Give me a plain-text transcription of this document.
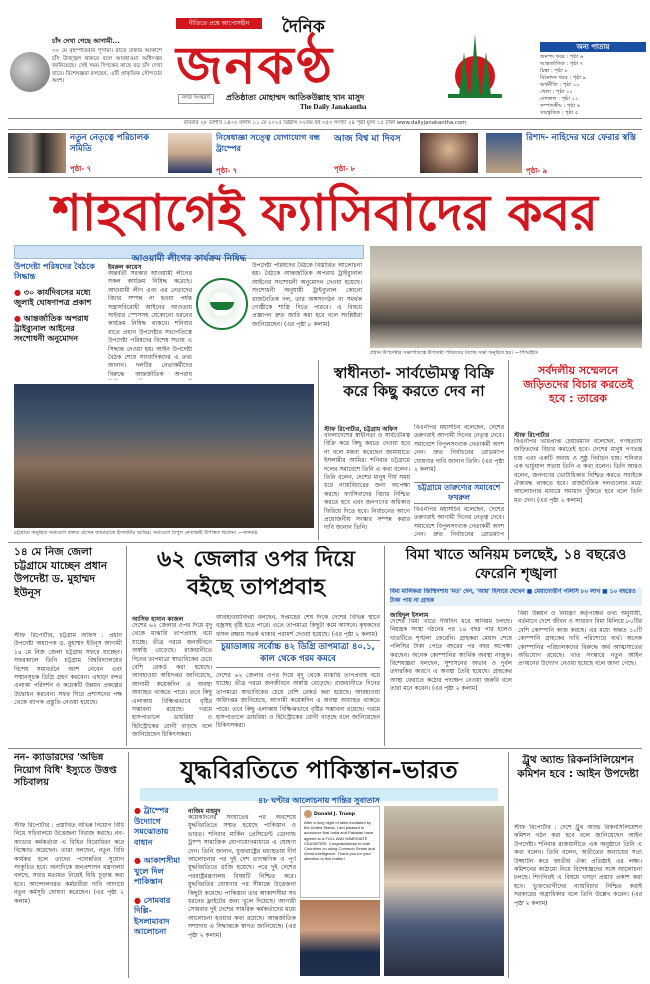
চাঁদ দেখা গেছে আগামী...
৩০ মে বৃহস্পতিবার পূর্ণিমা। রাতে ঢাকার আকাশে চাঁদ উজ্জ্বল থাকবে বলে আবহাওয়া অধিদপ্তর জানিয়েছে। সেই সময় দিগন্তের কাছে বড় চাঁদ দেখা যাবে। বিশেষজ্ঞরা বলছেন, এটি প্রাকৃতিক সৌন্দর্যের অংশ।
নীতিতে প্রশ্নে আপোসহীন	দৈনিক
জনকণ্ঠ
নগর সংস্করণ	প্রতিষ্ঠাতা মোহাম্মদ আতিকউল্লাহ খান মাসুদ
The Daily Janakantha
অন্য পাতায়
জনপদ খবর : পৃষ্ঠা ৬
আন্তর্জাতিক : পৃষ্ঠা ৭
চিন্তা : পৃষ্ঠা ৮
বিনোদন খবর : পৃষ্ঠা ৯
অর্থনীতি : পৃষ্ঠা ১০
খেলা : পৃষ্ঠা ১১
লোকাল : পৃষ্ঠা ১২
সম্পাদকীয় : পৃষ্ঠা ৪
সাংস্কৃতিক : পৃষ্ঠা ৫
রবিবার ২৮ বৈশাখ ১৪৩২ বঙ্গাব্দ ১১ মে ২০২৫ খ্রিষ্টাব্দ ৩২তম বর্ষ ৩৫৩ সংখ্যা ২৪ পৃষ্ঠা মূল্য ১৫ টাকা www.dailyjanakantha.com
নতুন নেতৃত্বে পরিচালক সমিতি
পৃষ্ঠা- ৭
নিষেধাজ্ঞা সত্ত্বে যোগাযোগ বন্ধ ট্রাম্পের
পৃষ্ঠা- ৭
আজ বিশ্ব মা দিবস
পৃষ্ঠা- ৮
রিশাদ- নাহিদের ঘরে ফেরার স্বস্তি
পৃষ্ঠা- ৯
শাহবাগেই ফ্যাসিবাদের কবর
আওয়ামী লীগের কার্যক্রম নিষিদ্ধ
উপদেষ্টা পরিষদের বৈঠকে সিদ্ধান্ত
● ৩০ কার্যদিবসের মধ্যে জুলাই ঘোষণাপত্র প্রকাশ
● আন্তর্জাতিক অপরাধ ট্রাইব্যুনাল আইনের সংশোধনী অনুমোদন
ইমরুল কায়েস
অন্তর্বর্তী সরকার আওয়ামী লীগের সকল কার্যক্রম নিষিদ্ধ করেছে। আওয়ামী লীগ এবং এর নেতাদের বিচার সম্পন্ন না হওয়া পর্যন্ত সন্ত্রাসবিরোধী আইনের আওতায় সাইবার স্পেসসহ যেকোনো ধরনের কার্যক্রম নিষিদ্ধ থাকবে। শনিবার রাতে প্রধান উপদেষ্টার সভাপতিত্বে উপদেষ্টা পরিষদের বিশেষ সভায় এ সিদ্ধান্ত নেওয়া হয়। আইন উপদেষ্টা বৈঠক শেষে সাংবাদিকদের এ তথ্য জানান। দলটির নেতাকর্মীদের বিরুদ্ধে আন্তর্জাতিক অপরাধ
উপদেষ্টা পরিষদের বৈঠকে বিস্তারিত আলোচনা হয়। বৈঠকে আন্তর্জাতিক অপরাধ ট্রাইব্যুনাল আইনের সংশোধনী অনুমোদন দেওয়া হয়েছে। সংশোধনী অনুযায়ী ট্রাইব্যুনাল কোনো রাজনৈতিক দল, তার অঙ্গসংগঠন বা সমর্থক গোষ্ঠীকে শাস্তি দিতে পারবে। এ বিষয়ে প্রজ্ঞাপন দ্রুত জারি করা হবে বলে সংশ্লিষ্টরা জানিয়েছেন। (এর পৃষ্ঠা ৮ কলাম)
প্রধান উপদেষ্টার সভাপতিত্বে উপদেষ্টা পরিষদের বিশেষ সভা অনুষ্ঠিত হয়। —পিআইডি
চট্টগ্রামে অনুষ্ঠিত সমাবেশে বক্তব্য রাখেন জামায়াতে ইসলামীর আমির। সমাবেশে বিপুল নেতাকর্মী উপস্থিত ছিলেন। —জনকণ্ঠ
স্বাধীনতা- সার্বভৌমত্ব বিক্রি করে কিছু করতে দেব না
স্টাফ রিপোর্টার, চট্টগ্রাম অফিস
বাংলাদেশের স্বাধীনতা ও সার্বভৌমত্ব বিক্রি করে কিছু করতে দেওয়া হবে না বলে মন্তব্য করেছেন জামায়াতে ইসলামীর আমির। শনিবার চট্টগ্রামে দলের সমাবেশে তিনি এ কথা বলেন। তিনি বলেন, দেশের মানুষ দীর্ঘ সময় ধরে ন্যায়বিচারের জন্য অপেক্ষা করছে। ফ্যাসিবাদের বিচার নিশ্চিত করতে হবে এবং জনগণের অধিকার ফিরিয়ে দিতে হবে। নির্বাচনের আগে প্রয়োজনীয় সংস্কার সম্পন্ন করার দাবি জানান তিনি।
বিএনপির মহাসচিব বলেছেন, দেশের তরুণরাই আগামী দিনের নেতৃত্ব দেবে। সমাবেশে বিপুলসংখ্যক নেতাকর্মী অংশ নেন। দ্রুত নির্বাচনের রোডম্যাপ ঘোষণার দাবি জানান তিনি। (এর পৃষ্ঠা ২ কলাম)
চট্টগ্রামে তারুণ্যের সমাবেশে ফখরুল
বিএনপির মহাসচিব বলেছেন, দেশের তরুণরাই আগামী দিনের নেতৃত্ব দেবে। সমাবেশে বিপুলসংখ্যক নেতাকর্মী অংশ নেন। দ্রুত নির্বাচনের রোডম্যাপ
সর্বদলীয় সম্মেলনে জড়িতদের বিচার করতেই হবে : তারেক
স্টাফ রিপোর্টার
বিএনপির ভারপ্রাপ্ত চেয়ারম্যান বলেছেন, গণহত্যায় জড়িতদের বিচার করতেই হবে। দেশের মানুষ গণতন্ত্র চায় এবং একটি অবাধ ও সুষ্ঠু নির্বাচন চায়। শনিবার এক ভার্চুয়াল সভায় তিনি এ কথা বলেন। তিনি আরও বলেন, জনগণের ভোটাধিকার নিশ্চিত করতে সবাইকে ঐক্যবদ্ধ থাকতে হবে। রাজনৈতিক দলগুলোর মধ্যে আলোচনার মাধ্যমে সমাধান খুঁজতে হবে বলে তিনি মত দেন। (এর পৃষ্ঠা ২ কলাম)
১৪ মে নিজ জেলা চট্টগ্রামে যাচ্ছেন প্রধান উপদেষ্টা ড. মুহাম্মদ ইউনূস
স্টাফ রিপোর্টার, চট্টগ্রাম অফিস : প্রধান উপদেষ্টা অধ্যাপক ড. মুহাম্মদ ইউনূস আগামী ১৪ মে নিজ জেলা চট্টগ্রাম সফরে যাচ্ছেন। সফরকালে তিনি চট্টগ্রাম বিশ্ববিদ্যালয়ের বিশেষ সমাবর্তনে অংশ নেবেন এবং সম্মানসূচক ডিগ্রি গ্রহণ করবেন। এছাড়া বন্দর এলাকা পরিদর্শন ও কয়েকটি উন্নয়ন প্রকল্পের উদ্বোধন করবেন। সফর ঘিরে প্রশাসনের পক্ষ থেকে ব্যাপক প্রস্তুতি নেওয়া হয়েছে।
৬২ জেলার ওপর দিয়ে বইছে তাপপ্রবাহ
আসিফ হাসান কাজল
দেশের ৬২ জেলার ওপর দিয়ে মৃদু থেকে মাঝারি তাপপ্রবাহ বয়ে যাচ্ছে। তীব্র গরমে জনজীবনে অস্বস্তি বেড়েছে। রাজধানীতে দিনের তাপমাত্রা স্বাভাবিকের চেয়ে বেশি রেকর্ড করা হয়েছে। আবহাওয়া অধিদপ্তর জানিয়েছে, আগামী কয়েকদিন এ অবস্থা অব্যাহত থাকতে পারে। তবে কিছু এলাকায় বিক্ষিপ্তভাবে বৃষ্টির সম্ভাবনা রয়েছে। গরমে হাসপাতালে ডায়রিয়া ও হিটস্ট্রোকের রোগী বাড়ছে বলে জানিয়েছেন চিকিৎসকরা।
চুয়াডাঙ্গায় সর্বোচ্চ ৪২ ডিগ্রি তাপমাত্রা ৪০.১, কাল থেকে গরম কমবে
আবহাওয়াবিদরা বলছেন, সপ্তাহের শেষ দিকে দেশের বিভিন্ন স্থানে বজ্রসহ বৃষ্টি হতে পারে। এতে তাপমাত্রা কিছুটা কমে আসবে। কৃষকদের ফসল রক্ষায় সতর্ক থাকার পরামর্শ দেওয়া হয়েছে। (এর পৃষ্ঠা ২ কলাম)
দেশের ৬২ জেলার ওপর দিয়ে মৃদু থেকে মাঝারি তাপপ্রবাহ বয়ে যাচ্ছে। তীব্র গরমে জনজীবনে অস্বস্তি বেড়েছে। রাজধানীতে দিনের তাপমাত্রা স্বাভাবিকের চেয়ে বেশি রেকর্ড করা হয়েছে। আবহাওয়া অধিদপ্তর জানিয়েছে, আগামী কয়েকদিন এ অবস্থা অব্যাহত থাকতে পারে। তবে কিছু এলাকায় বিক্ষিপ্তভাবে বৃষ্টির সম্ভাবনা রয়েছে। গরমে হাসপাতালে ডায়রিয়া ও হিটস্ট্রোকের রোগী বাড়ছে বলে জানিয়েছেন চিকিৎসকরা।
বিমা খাতে অনিয়ম চলছেই, ১৪ বছরেও ফেরেনি শৃঙ্খলা
বিমা মালিকরা জিম্মিদশায় 'মত' দেন, 'আয়' হিসাবে দেখেন ■ মেয়াদোত্তীর্ণ পলিসি ৮০ লাখ ■ ১০ বছরেও টাকা পায় না গ্রাহক
জাহিদুল ইসলাম
দেশের বিমা খাতে দীর্ঘদিন ধরে অনিয়ম চলছে। নিয়ন্ত্রক সংস্থা গঠনের পর ১৪ বছর পার হলেও খাতটিতে শৃঙ্খলা ফেরেনি। গ্রাহকরা মেয়াদ শেষে পলিসির টাকা পেতে বছরের পর বছর অপেক্ষা করছেন। অনেক কোম্পানির আর্থিক অবস্থা নাজুক। বিশেষজ্ঞরা বলছেন, সুশাসনের অভাব ও দুর্বল তদারকির কারণে এ অবস্থা তৈরি হয়েছে। গ্রাহকের আস্থা ফেরাতে কঠোর পদক্ষেপ নেওয়া জরুরি বলে তারা মনে করেন। (এর পৃষ্ঠা ২ কলাম)
বিমা উন্নয়ন ও নিয়ন্ত্রণ কর্তৃপক্ষের তথ্য অনুযায়ী, বর্তমানে দেশে জীবন ও সাধারণ বিমা মিলিয়ে ৮০টির বেশি কোম্পানি কাজ করছে। এর মধ্যে অন্তত ১০টি কোম্পানি গ্রাহকের দাবি পরিশোধে ব্যর্থ। অনেক কোম্পানির পরিচালকদের বিরুদ্ধে অর্থ আত্মসাতের অভিযোগ রয়েছে। খাত সংস্কারে নতুন আইন প্রণয়নের উদ্যোগ নেওয়া হয়েছে বলে জানা গেছে।
নন- ক্যাডারদের 'অভিন্ন নিয়োগ বিধি' ইস্যুতে উত্তপ্ত সচিবালয়
স্টাফ রিপোর্টার : প্রস্তাবিত অভিন্ন নিয়োগ বিধি নিয়ে সচিবালয়ে উত্তেজনা বিরাজ করছে। নন-ক্যাডার কর্মকর্তারা এ বিধির বিরোধিতা করে বিক্ষোভ করেছেন। তারা বলছেন, নতুন বিধি কার্যকর হলে তাদের পদোন্নতির সুযোগ সংকুচিত হবে। অন্যদিকে জনপ্রশাসন মন্ত্রণালয় বলছে, সবার মতামত নিয়েই বিধি চূড়ান্ত করা হবে। আন্দোলনরত কর্মচারীরা দাবি আদায়ে নতুন কর্মসূচি ঘোষণা করেছেন। (এর পৃষ্ঠা ২ কলাম)
যুদ্ধবিরতিতে পাকিস্তান-ভারত
৪৮ ঘণ্টার আলোচনায় শান্তির সুবাতাস
● ট্রাম্পের উদ্যোগে সমঝোতায় বাধান
● আকাশসীমা খুলে দিল পাকিস্তান
● সোমবার দিল্লি- ইসলামাবাদ আলোচনা
নাজিম মাহমুদ
কয়েকদিনের সংঘাতের পর অবশেষে যুদ্ধবিরতিতে সম্মত হয়েছে পাকিস্তান ও ভারত। শনিবার মার্কিন প্রেসিডেন্ট ডোনাল্ড ট্রাম্প সামাজিক যোগাযোগমাধ্যমে এ ঘোষণা দেন। তিনি জানান, যুক্তরাষ্ট্রের মধ্যস্থতায় দীর্ঘ আলোচনার পর দুই দেশ তাৎক্ষণিক ও পূর্ণ যুদ্ধবিরতিতে রাজি হয়েছে। পরে দুই দেশের পররাষ্ট্রমন্ত্রণালয় বিষয়টি নিশ্চিত করে। যুদ্ধবিরতির ঘোষণার পর সীমান্তে উত্তেজনা কিছুটা কমেছে। পাকিস্তান তার আকাশসীমা সব ধরনের ফ্লাইটের জন্য খুলে দিয়েছে। আগামী সোমবার দুই দেশের সামরিক কর্মকর্তাদের মধ্যে আলোচনা হওয়ার কথা রয়েছে। আন্তর্জাতিক সম্প্রদায় এ সিদ্ধান্তকে স্বাগত জানিয়েছে। (এর পৃষ্ঠা ২ কলাম)
Donald J. Trump
After a long night of talks mediated by the United States, I am pleased to announce that India and Pakistan have agreed to a FULL AND IMMEDIATE CEASEFIRE. Congratulations to both Countries on using Common Sense and Great Intelligence. Thank you for your attention to this matter!
ট্রুথ অ্যান্ড রিকনসিলিয়েশন কমিশন হবে : আইন উপদেষ্টা
স্টাফ রিপোর্টার : দেশে ট্রুথ অ্যান্ড রিকনসিলিয়েশন কমিশন গঠন করা হবে বলে জানিয়েছেন আইন উপদেষ্টা। শনিবার রাজধানীতে এক অনুষ্ঠানে তিনি এ কথা বলেন। তিনি বলেন, অতীতের অন্যায়ের সত্য উদ্ঘাটন করে জাতীয় ঐক্য প্রতিষ্ঠাই এর লক্ষ্য। কমিশনের কাঠামো নিয়ে বিশেষজ্ঞদের সঙ্গে আলোচনা চলছে। শিগগিরই এ বিষয়ে খসড়া প্রস্তাব প্রকাশ করা হবে। ভুক্তভোগীদের ন্যায়বিচার নিশ্চিত করাই সরকারের অগ্রাধিকার বলে তিনি উল্লেখ করেন। (এর পৃষ্ঠা ২ কলাম)
